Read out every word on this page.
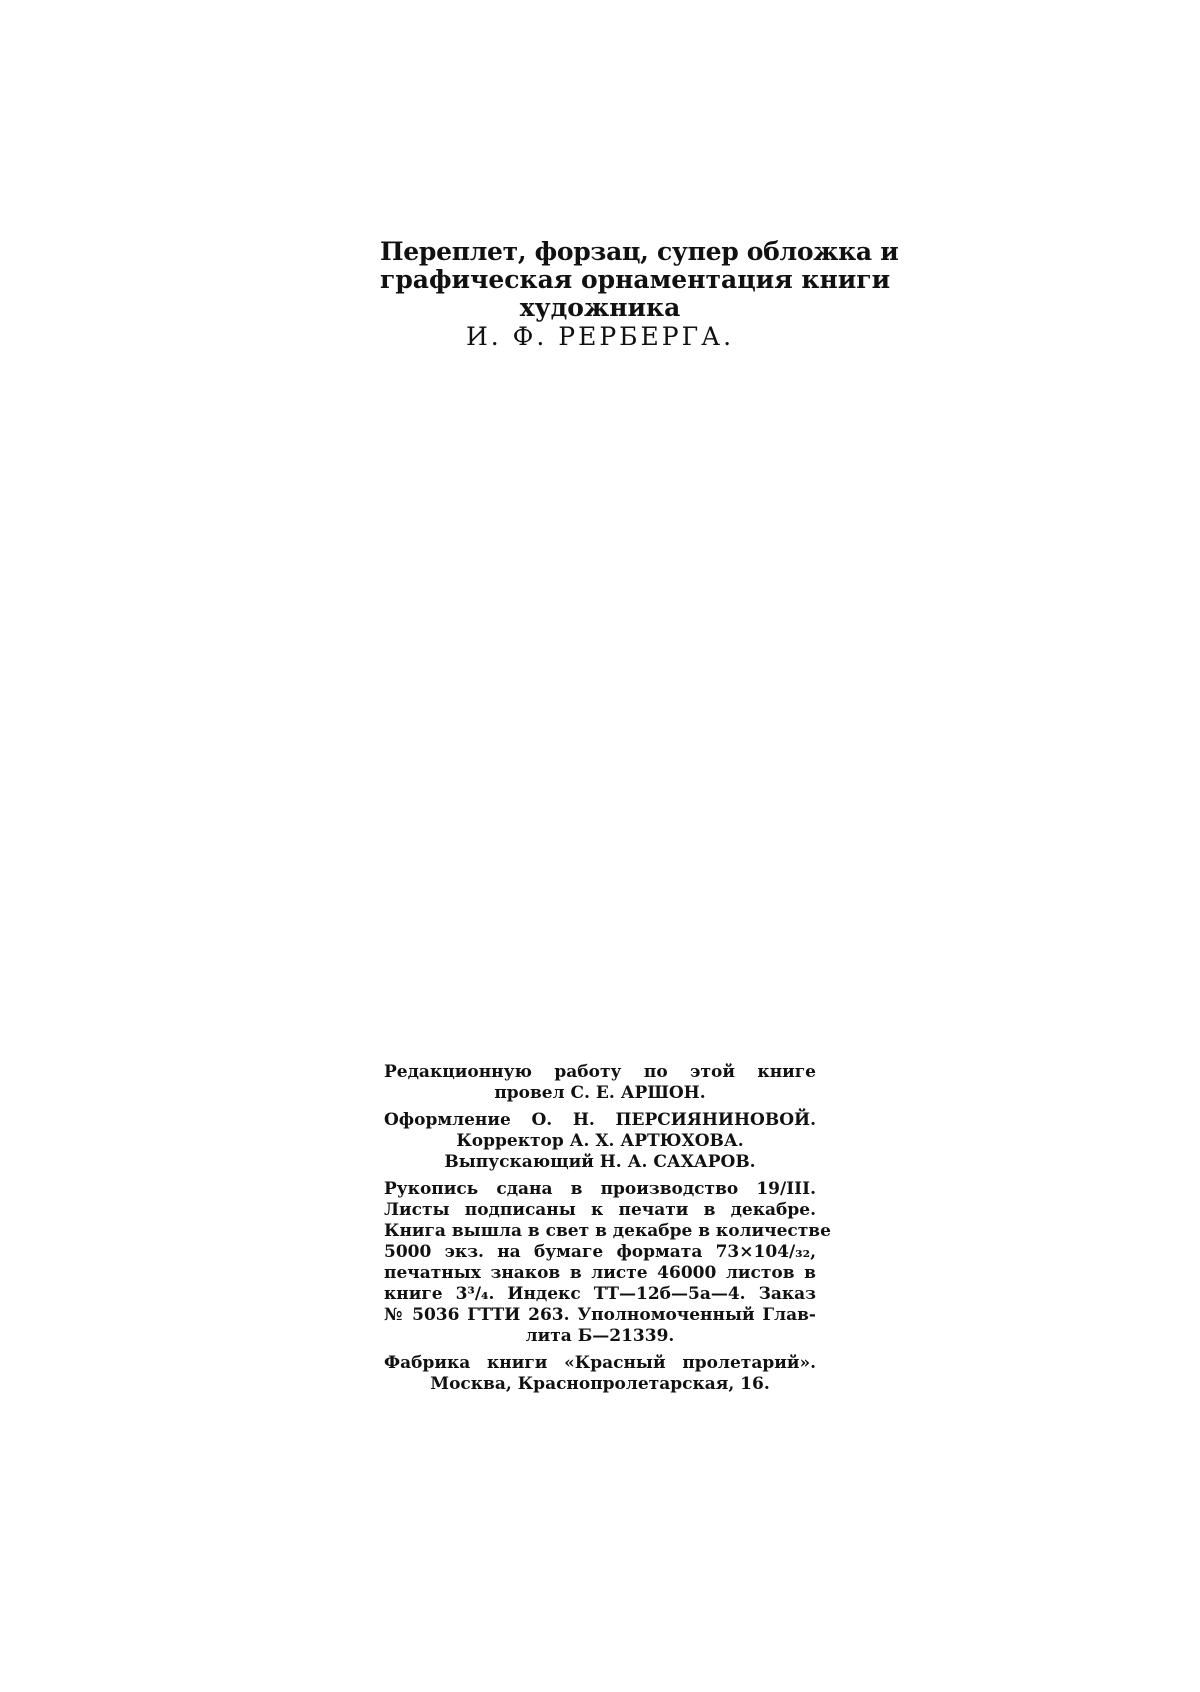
Переплет, форзац, супер обложка и
графическая орнаментация книги
художника
И. Ф. РЕРБЕРГА.
Редакционную работу по этой книге
провел С. Е. АРШОН.
Оформление О. Н. ПЕРСИЯНИНОВОЙ.
Корректор А. Х. АРТЮХОВА.
Выпускающий Н. А. САХАРОВ.
Рукопись сдана в производство 19/III.
Листы подписаны к печати в декабре.
Книга вышла в свет в декабре в количестве
5000 экз. на бумаге формата 73×104/₃₂,
печатных знаков в листе 46000 листов в
книге 3³/₄. Индекс ТТ—12б—5а—4. Заказ
№ 5036 ГТТИ 263. Уполномоченный Глав-
лита Б—21339.
Фабрика книги «Красный пролетарий».
Москва, Краснопролетарская, 16.
